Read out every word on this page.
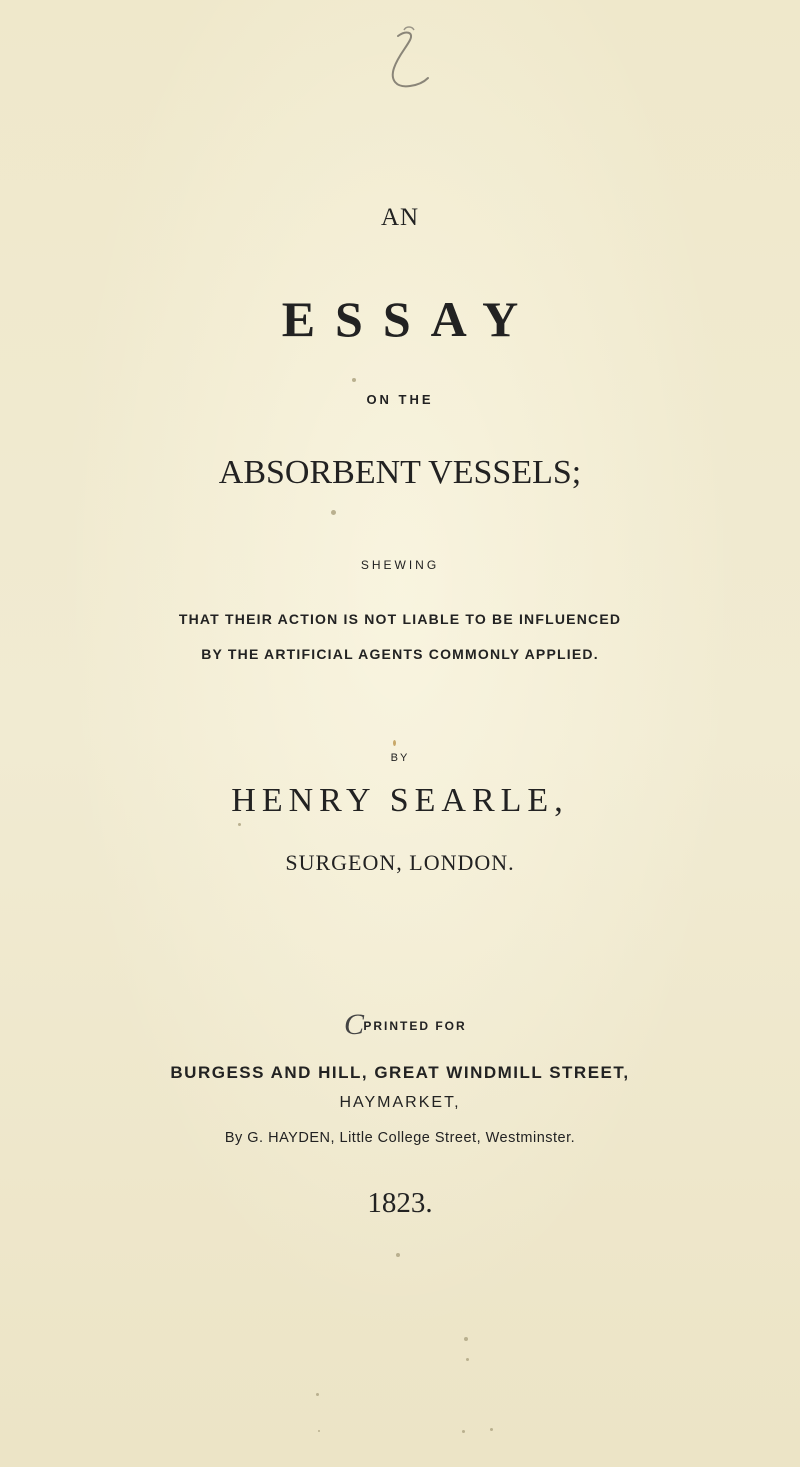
AN
ESSAY
ON THE
ABSORBENT VESSELS;
SHEWING
THAT THEIR ACTION IS NOT LIABLE TO BE INFLUENCED
BY THE ARTIFICIAL AGENTS COMMONLY APPLIED.
BY
HENRY SEARLE,
SURGEON, LONDON.
C PRINTED FOR
BURGESS AND HILL, GREAT WINDMILL STREET,
HAYMARKET,
By G. HAYDEN, Little College Street, Westminster.
1823.
